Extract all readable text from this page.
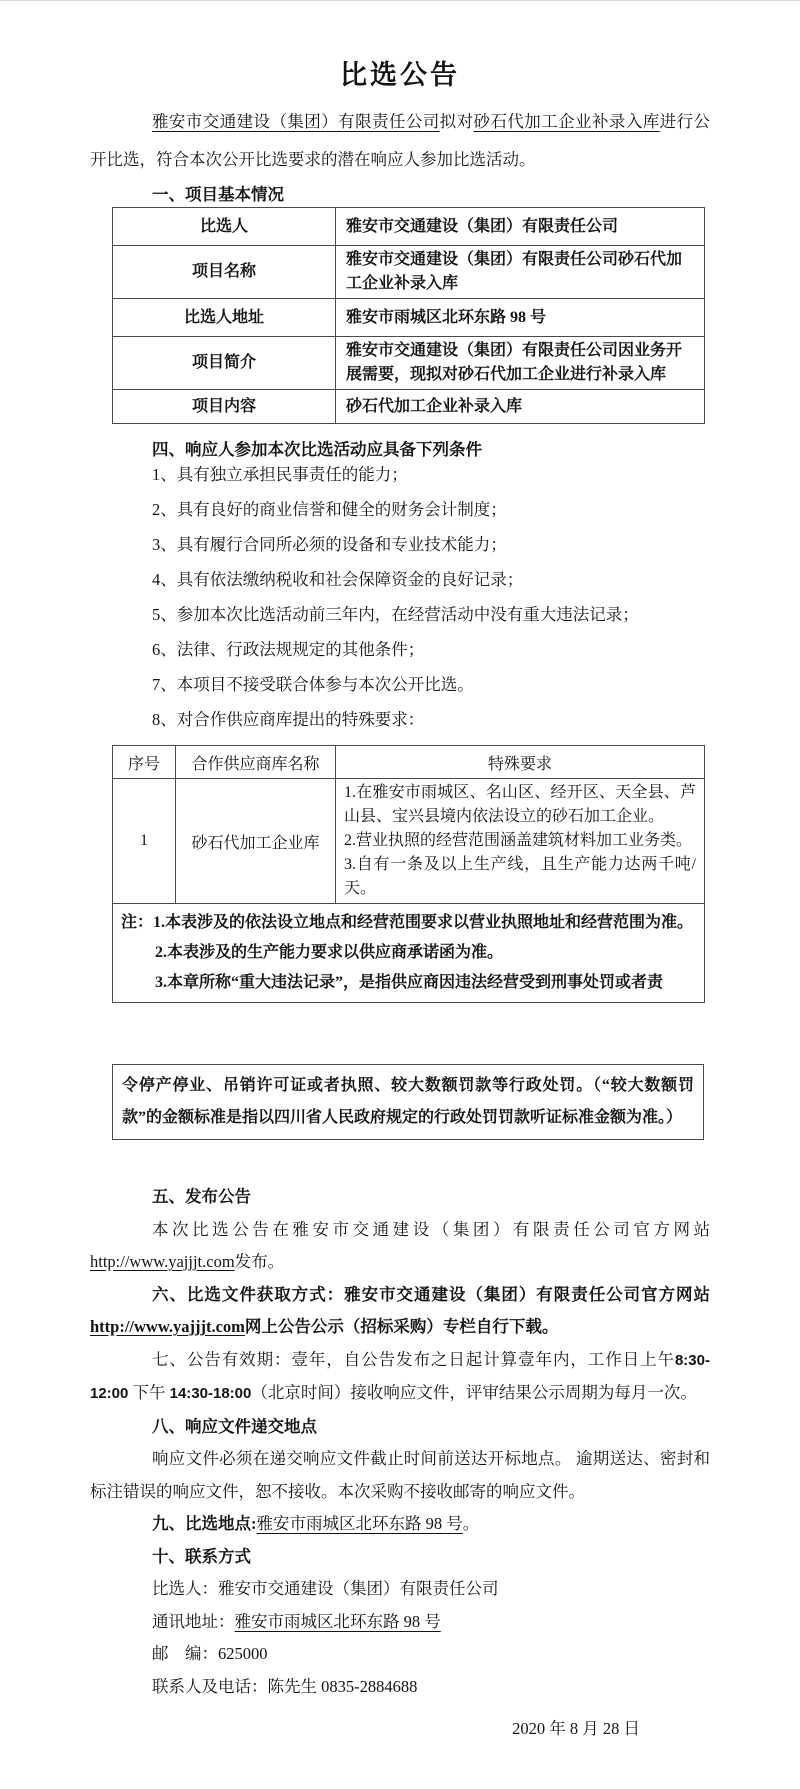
比选公告

雅安市交通建设（集团）有限责任公司拟对砂石代加工企业补录入库进行公开比选，符合本次公开比选要求的潜在响应人参加比选活动。

一、项目基本情况
比选人	雅安市交通建设（集团）有限责任公司
项目名称	雅安市交通建设（集团）有限责任公司砂石代加工企业补录入库
比选人地址	雅安市雨城区北环东路 98 号
项目简介	雅安市交通建设（集团）有限责任公司因业务开展需要，现拟对砂石代加工企业进行补录入库
项目内容	砂石代加工企业补录入库
四、响应人参加本次比选活动应具备下列条件
1、具有独立承担民事责任的能力；
2、具有良好的商业信誉和健全的财务会计制度；
3、具有履行合同所必须的设备和专业技术能力；
4、具有依法缴纳税收和社会保障资金的良好记录；
5、参加本次比选活动前三年内，在经营活动中没有重大违法记录；
6、法律、行政法规规定的其他条件；
7、本项目不接受联合体参与本次公开比选。
8、对合作供应商库提出的特殊要求：
序号	合作供应商库名称	特殊要求
1	砂石代加工企业库	1.在雅安市雨城区、名山区、经开区、天全县、芦山县、宝兴县境内依法设立的砂石加工企业。
2.营业执照的经营范围涵盖建筑材料加工业务类。
3.自有一条及以上生产线，且生产能力达两千吨/天。

注：1.本表涉及的依法设立地点和经营范围要求以营业执照地址和经营范围为准。
2.本表涉及的生产能力要求以供应商承诺函为准。
3.本章所称“重大违法记录”，是指供应商因违法经营受到刑事处罚或者责		
令停产停业、吊销许可证或者执照、较大数额罚款等行政处罚。（“较大数额罚款”的金额标准是指以四川省人民政府规定的行政处罚罚款听证标准金额为准。）

五、发布公告

本次比选公告在雅安市交通建设（集团）有限责任公司官方网站http://www.yajjjt.com发布。

六、比选文件获取方式：雅安市交通建设（集团）有限责任公司官方网站http://www.yajjjt.com网上公告公示（招标采购）专栏自行下载。

七、公告有效期：壹年，自公告发布之日起计算壹年内，工作日上午8:30-12:00 下午 14:30-18:00（北京时间）接收响应文件，评审结果公示周期为每月一次。

八、响应文件递交地点

响应文件必须在递交响应文件截止时间前送达开标地点。 逾期送达、密封和标注错误的响应文件，恕不接收。本次采购不接收邮寄的响应文件。

九、比选地点:雅安市雨城区北环东路 98 号。

十、联系方式

比选人：雅安市交通建设（集团）有限责任公司

通讯地址：雅安市雨城区北环东路 98 号

邮　编：625000

联系人及电话：陈先生 0835-2884688

2020 年 8 月 28 日
